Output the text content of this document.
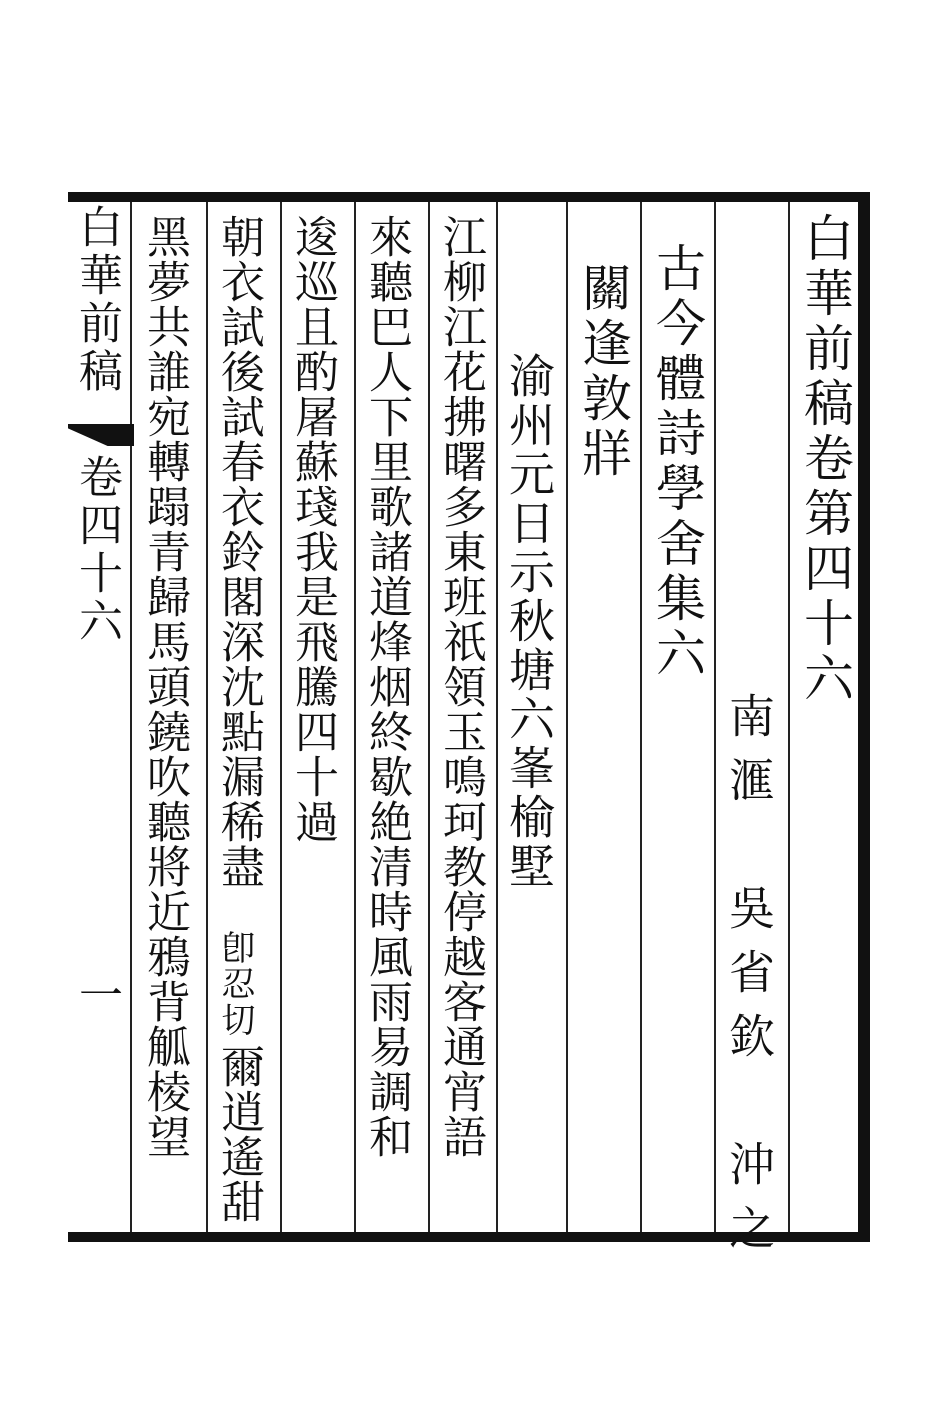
白華前稿卷第四十六
南滙　吳省欽　沖之
古今體詩學舍集六
關逢敦牂
渝州元日示秋塘六峯榆墅
江柳江花拂曙多東班祇領玉鳴珂教停越客通宵語
來聽巴人下里歌諸道烽烟終歇絶清時風雨易調和
逡巡且酌屠蘇琖我是飛騰四十過
朝衣試後試春衣鈴閣深沈點漏稀盡
卽忍切
爾逍遙甜
黑夢共誰宛轉蹋青歸馬頭鐃吹聽將近鴉背觚棱望
白華前稿
卷四十六
一
